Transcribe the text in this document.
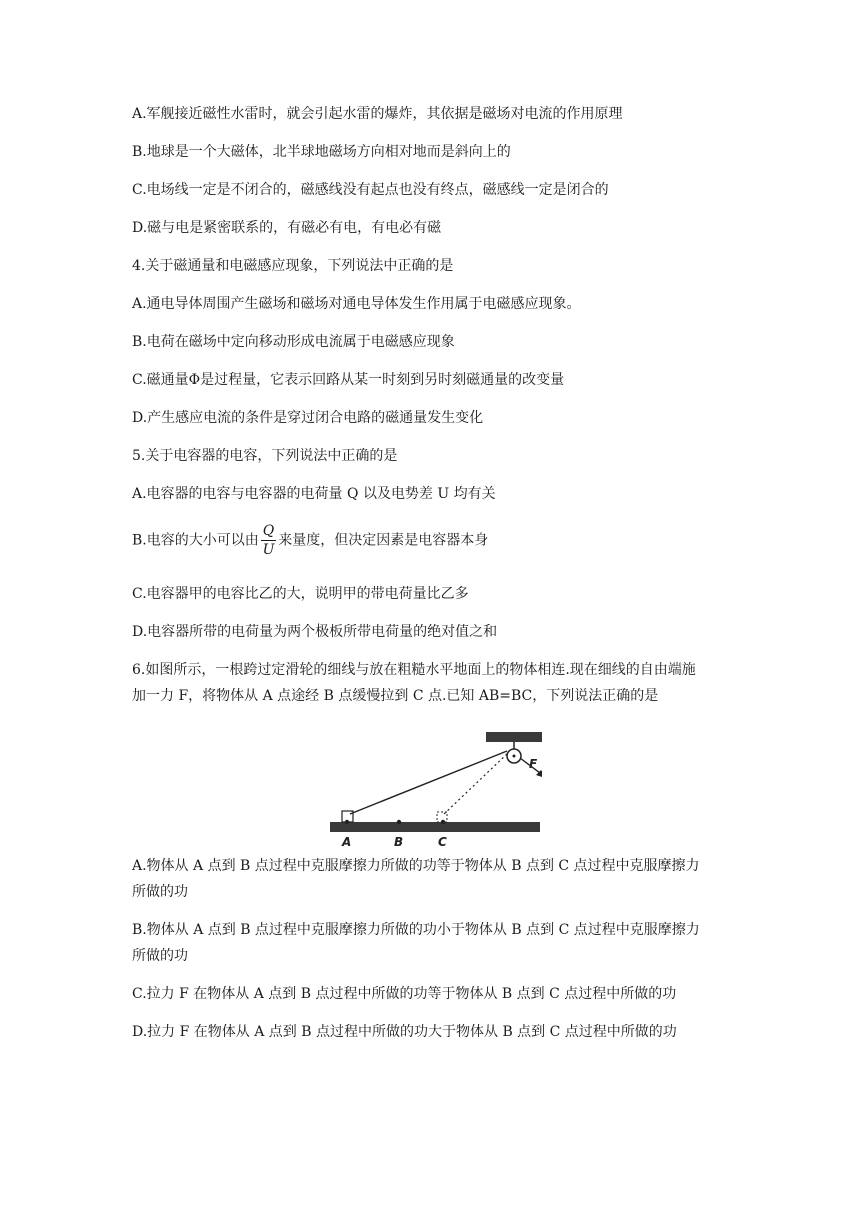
A.军舰接近磁性水雷时，就会引起水雷的爆炸，其依据是磁场对电流的作用原理
B.地球是一个大磁体，北半球地磁场方向相对地而是斜向上的
C.电场线一定是不闭合的，磁感线没有起点也没有终点，磁感线一定是闭合的
D.磁与电是紧密联系的，有磁必有电，有电必有磁
4.关于磁通量和电磁感应现象，下列说法中正确的是
A.通电导体周围产生磁场和磁场对通电导体发生作用属于电磁感应现象。
B.电荷在磁场中定向移动形成电流属于电磁感应现象
C.磁通量Φ是过程量，它表示回路从某一时刻到另时刻磁通量的改变量
D.产生感应电流的条件是穿过闭合电路的磁通量发生变化
5.关于电容器的电容，下列说法中正确的是
A.电容器的电容与电容器的电荷量 Q 以及电势差 U 均有关
B.电容的大小可以由 $\frac{Q}{U}$ 来量度，但决定因素是电容器本身
C.电容器甲的电容比乙的大，说明甲的带电荷量比乙多
D.电容器所带的电荷量为两个极板所带电荷量的绝对值之和
6.如图所示，一根跨过定滑轮的细线与放在粗糙水平地面上的物体相连.现在细线的自由端施
加一力 F，将物体从 A 点途经 B 点缓慢拉到 C 点.已知 AB=BC，下列说法正确的是
A	B	C
F
A.物体从 A 点到 B 点过程中克服摩擦力所做的功等于物体从 B 点到 C 点过程中克服摩擦力
所做的功
B.物体从 A 点到 B 点过程中克服摩擦力所做的功小于物体从 B 点到 C 点过程中克服摩擦力
所做的功
C.拉力 F 在物体从 A 点到 B 点过程中所做的功等于物体从 B 点到 C 点过程中所做的功
D.拉力 F 在物体从 A 点到 B 点过程中所做的功大于物体从 B 点到 C 点过程中所做的功
